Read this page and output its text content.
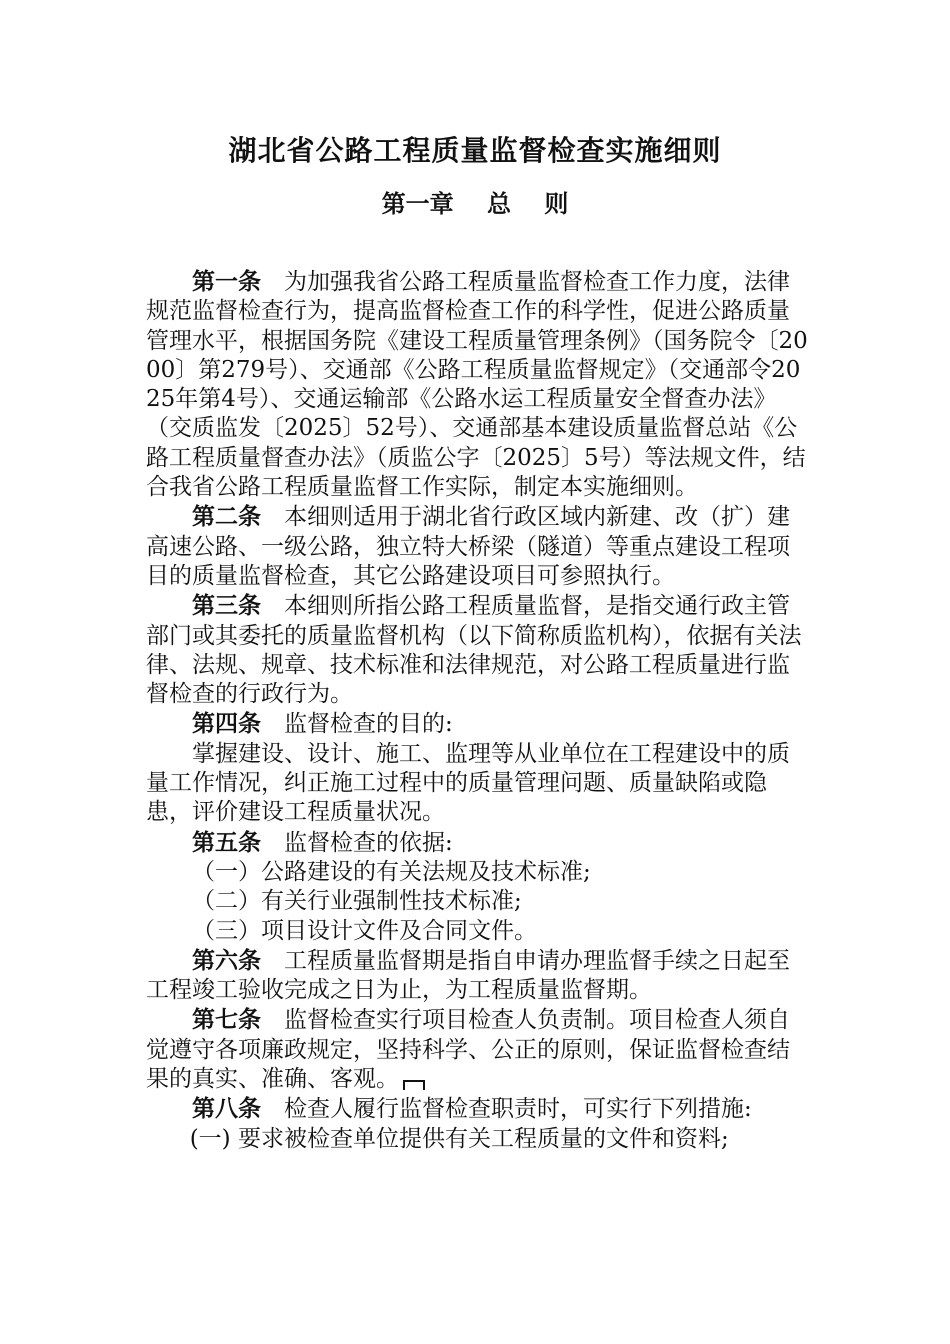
湖北省公路工程质量监督检查实施细则
第一章    总    则

第一条 为加强我省公路工程质量监督检查工作力度，法律规范监督检查行为，提高监督检查工作的科学性，促进公路质量管理水平，根据国务院《建设工程质量管理条例》（国务院令〔2000〕第279号）、交通部《公路工程质量监督规定》（交通部令2025年第4号）、交通运输部《公路水运工程质量安全督查办法》（交质监发〔2025〕52号）、交通部基本建设质量监督总站《公路工程质量督查办法》（质监公字〔2025〕5号）等法规文件，结合我省公路工程质量监督工作实际，制定本实施细则。

第二条 本细则适用于湖北省行政区域内新建、改（扩）建高速公路、一级公路，独立特大桥梁（隧道）等重点建设工程项目的质量监督检查，其它公路建设项目可参照执行。

第三条 本细则所指公路工程质量监督，是指交通行政主管部门或其委托的质量监督机构（以下简称质监机构），依据有关法律、法规、规章、技术标准和法律规范，对公路工程质量进行监督检查的行政行为。

第四条 监督检查的目的:

掌握建设、设计、施工、监理等从业单位在工程建设中的质量工作情况，纠正施工过程中的质量管理问题、质量缺陷或隐患，评价建设工程质量状况。

第五条 监督检查的依据:

（一）公路建设的有关法规及技术标准;

（二）有关行业强制性技术标准;

（三）项目设计文件及合同文件。

第六条 工程质量监督期是指自申请办理监督手续之日起至工程竣工验收完成之日为止，为工程质量监督期。

第七条 监督检查实行项目检查人负责制。项目检查人须自觉遵守各项廉政规定，坚持科学、公正的原则，保证监督检查结果的真实、准确、客观。

第八条 检查人履行监督检查职责时，可实行下列措施:

(一) 要求被检查单位提供有关工程质量的文件和资料;
